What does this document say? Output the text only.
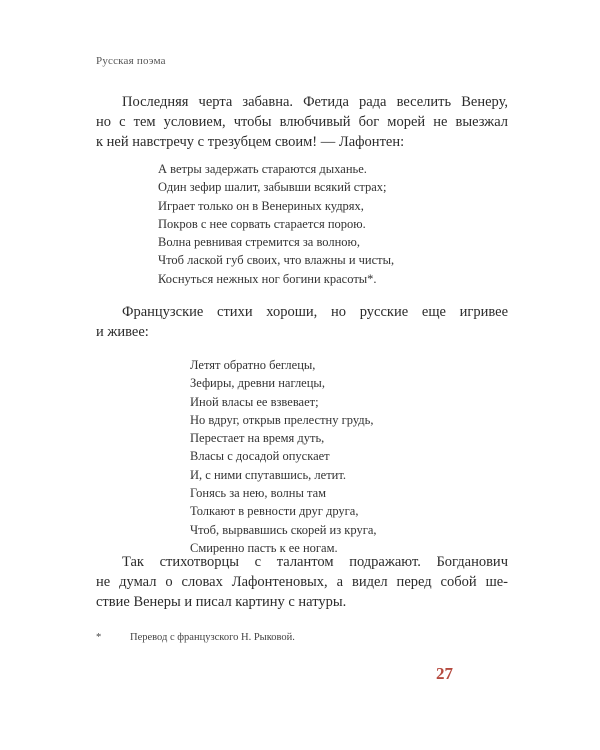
Русская поэма
Последняя черта забавна. Фетида рада веселить Венеру,
но с тем условием, чтобы влюбчивый бог морей не выезжал
к ней навстречу с трезубцем своим! — Лафонтен:
А ветры задержать стараются дыханье.
Один зефир шалит, забывши всякий страх;
Играет только он в Венериных кудрях,
Покров с нее сорвать старается порою.
Волна ревнивая стремится за волною,
Чтоб лаской губ своих, что влажны и чисты,
Коснуться нежных ног богини красоты*.
Французские стихи хороши, но русские еще игривее
и живее:
Летят обратно беглецы,
Зефиры, древни наглецы,
Иной власы ее взвевает;
Но вдруг, открыв прелестну грудь,
Перестает на время дуть,
Власы с досадой опускает
И, с ними спутавшись, летит.
Гонясь за нею, волны там
Толкают в ревности друг друга,
Чтоб, вырвавшись скорей из круга,
Смиренно пасть к ее ногам.
Так стихотворцы с талантом подражают. Богданович
не думал о словах Лафонтеновых, а видел перед собой ше-
ствие Венеры и писал картину с натуры.
*	Перевод с французского Н. Рыковой.
27
